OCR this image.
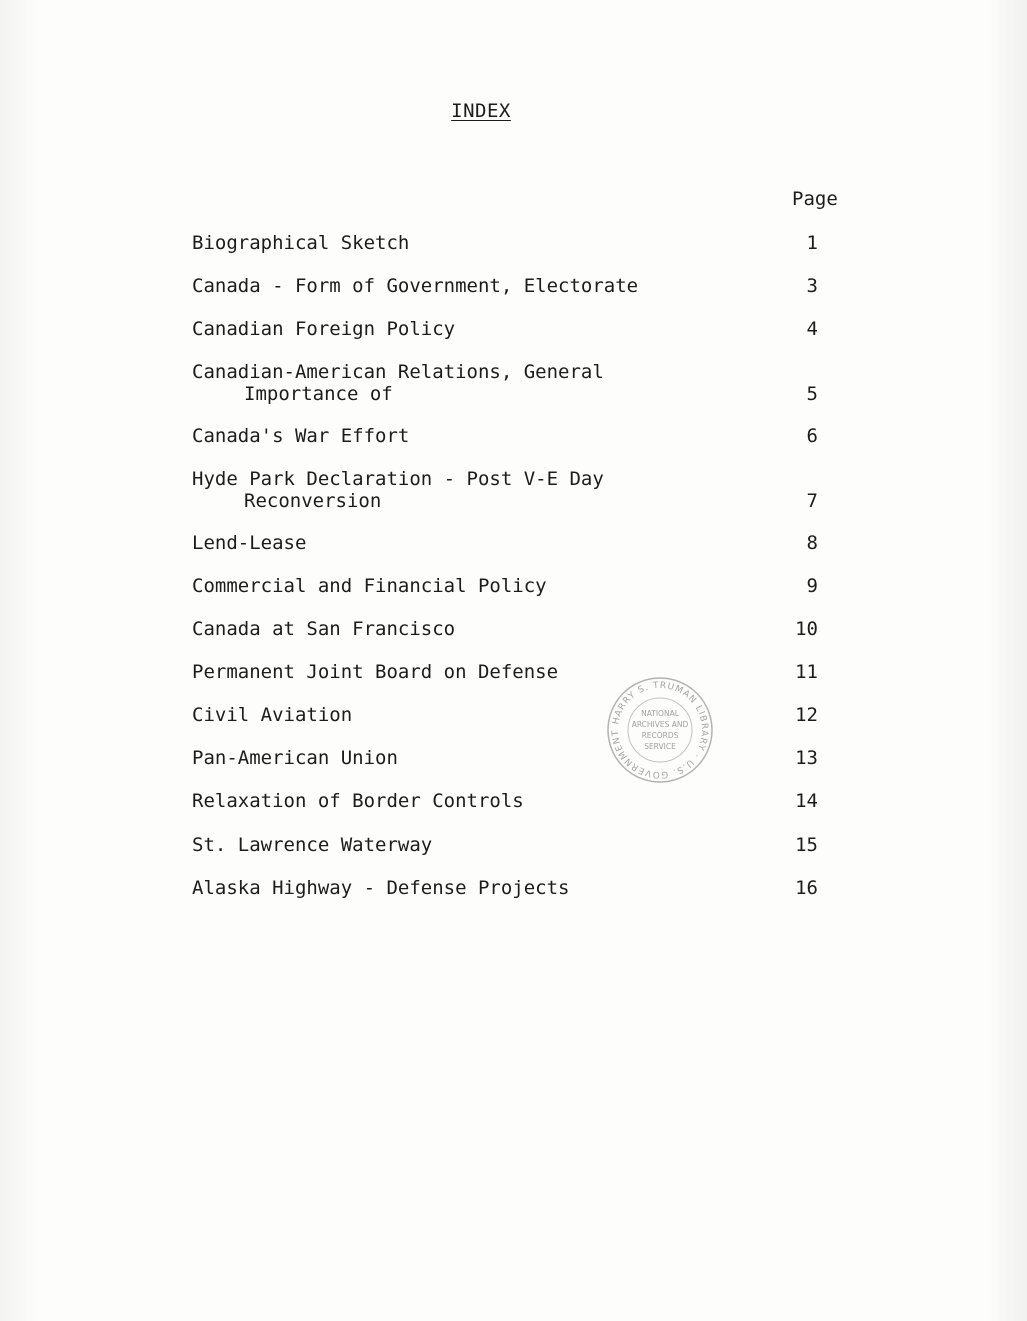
INDEX
Page
Biographical Sketch	1
Canada - Form of Government, Electorate	3
Canadian Foreign Policy	4
Canadian-American Relations, General
Importance of	5
Canada's War Effort	6
Hyde Park Declaration - Post V-E Day
Reconversion	7
Lend-Lease	8
Commercial and Financial Policy	9
Canada at San Francisco	10
Permanent Joint Board on Defense	11
Civil Aviation	12
Pan-American Union	13
Relaxation of Border Controls	14
St. Lawrence Waterway	15
Alaska Highway - Defense Projects	16
HARRY S. TRUMAN LIBRARY · U.S. GOVERNMENT
NATIONAL
ARCHIVES AND
RECORDS
SERVICE
